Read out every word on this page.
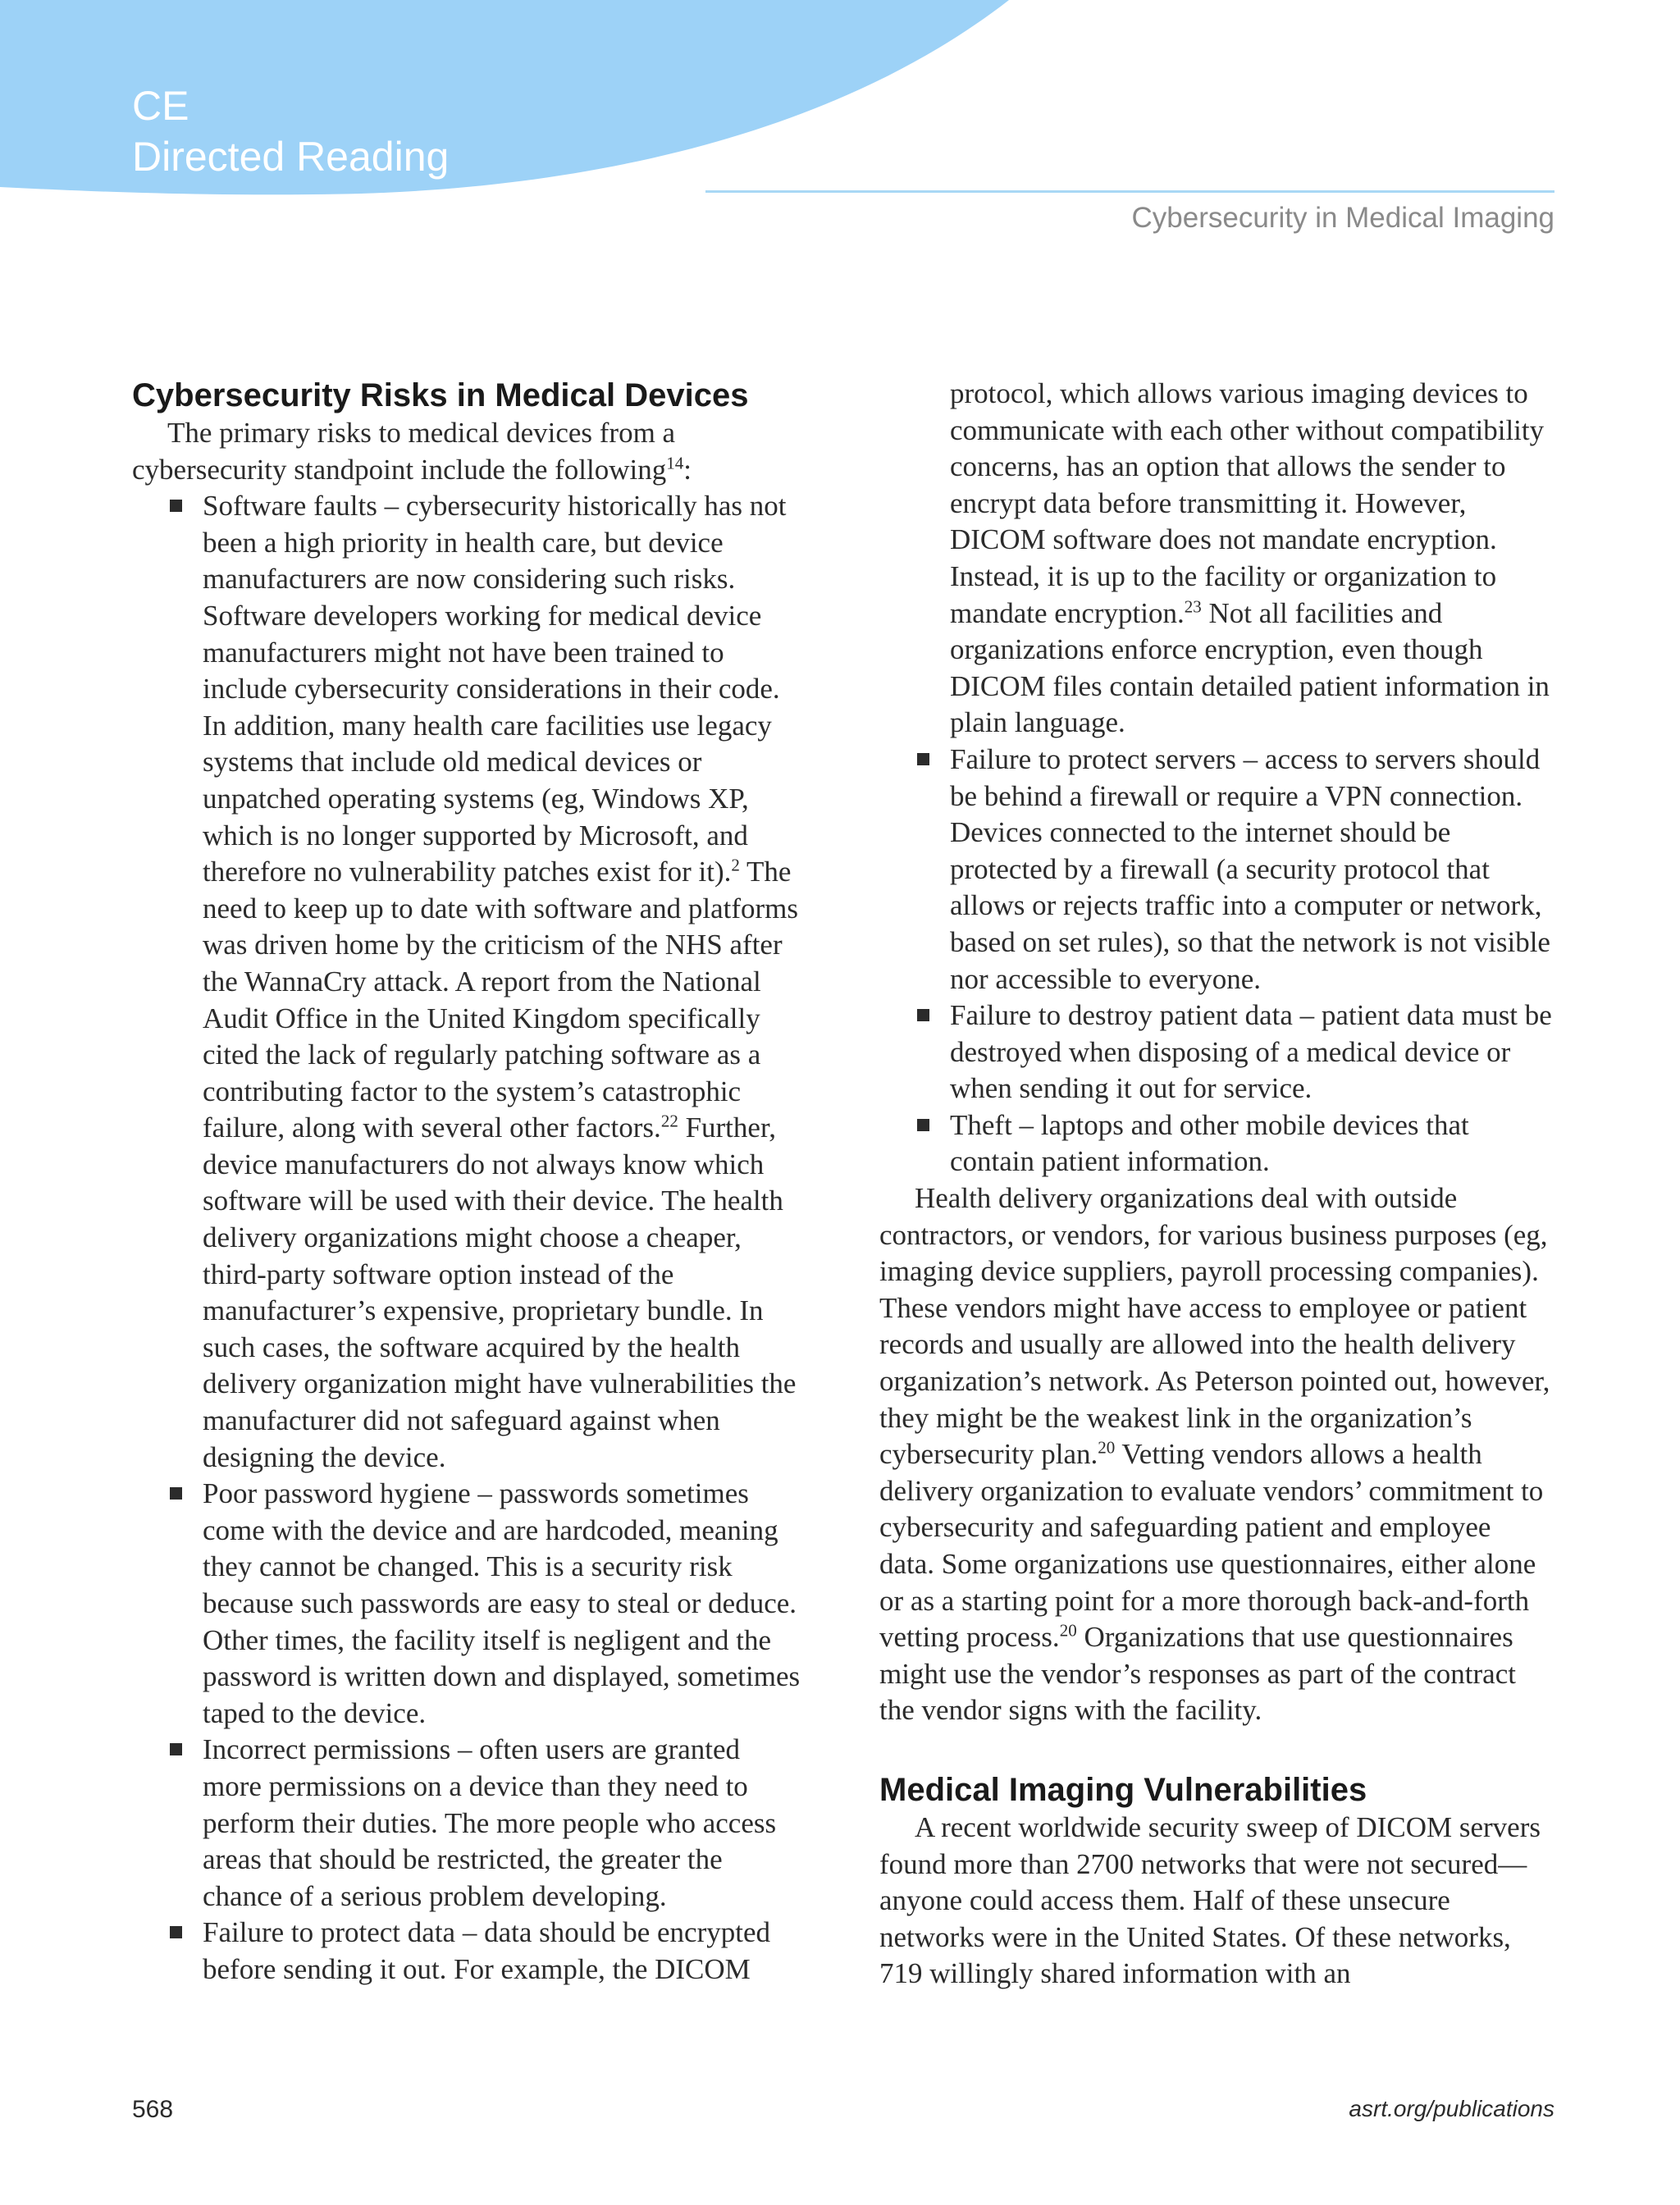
CE
Directed Reading
Cybersecurity in Medical Imaging
Cybersecurity Risks in Medical Devices

The primary risks to medical devices from a cybersecurity standpoint include the following$^{14}$:

Software faults – cybersecurity historically has not been a high priority in health care, but device manufacturers are now considering such risks. Software developers working for medical device manufacturers might not have been trained to include cybersecurity considerations in their code. In addition, many health care facilities use legacy systems that include old medical devices or unpatched operating systems (eg, Windows XP, which is no longer supported by Microsoft, and therefore no vulnerability patches exist for it).$^2$ The need to keep up to date with software and platforms was driven home by the criticism of the NHS after the WannaCry attack. A report from the National Audit Office in the United Kingdom specifically cited the lack of regularly patching software as a contributing factor to the system’s catastrophic failure, along with several other factors.$^{22}$ Further, device manufacturers do not always know which software will be used with their device. The health delivery organizations might choose a cheaper, third-party software option instead of the manufacturer’s expensive, proprietary bundle. In such cases, the software acquired by the health delivery organization might have vulnerabilities the manufacturer did not safeguard against when designing the device.
Poor password hygiene – passwords sometimes come with the device and are hardcoded, meaning they cannot be changed. This is a security risk because such passwords are easy to steal or deduce. Other times, the facility itself is negligent and the password is written down and displayed, sometimes taped to the device.
Incorrect permissions – often users are granted more permissions on a device than they need to perform their duties. The more people who access areas that should be restricted, the greater the chance of a serious problem developing.
Failure to protect data – data should be encrypted before sending it out. For example, the DICOM
protocol, which allows various imaging devices to communicate with each other without compatibility concerns, has an option that allows the sender to encrypt data before transmitting it. However, DICOM software does not mandate encryption. Instead, it is up to the facility or organization to mandate encryption.$^{23}$ Not all facilities and organizations enforce encryption, even though DICOM files contain detailed patient information in plain language.
Failure to protect servers – access to servers should be behind a firewall or require a VPN connection. Devices connected to the internet should be protected by a firewall (a security protocol that allows or rejects traffic into a computer or network, based on set rules), so that the network is not visible nor accessible to everyone.
Failure to destroy patient data – patient data must be destroyed when disposing of a medical device or when sending it out for service.
Theft – laptops and other mobile devices that contain patient information.

Health delivery organizations deal with outside contractors, or vendors, for various business purposes (eg, imaging device suppliers, payroll processing companies). These vendors might have access to employee or patient records and usually are allowed into the health delivery organization’s network. As Peterson pointed out, however, they might be the weakest link in the organization’s cybersecurity plan.$^{20}$ Vetting vendors allows a health delivery organization to evaluate vendors’ commitment to cybersecurity and safeguarding patient and employee data. Some organizations use questionnaires, either alone or as a starting point for a more thorough back-and-forth vetting process.$^{20}$ Organizations that use questionnaires might use the vendor’s responses as part of the contract the vendor signs with the facility.

Medical Imaging Vulnerabilities

A recent worldwide security sweep of DICOM servers found more than 2700 networks that were not secured—anyone could access them. Half of these unsecure networks were in the United States. Of these networks, 719 willingly shared information with an

568	asrt.org/publications
